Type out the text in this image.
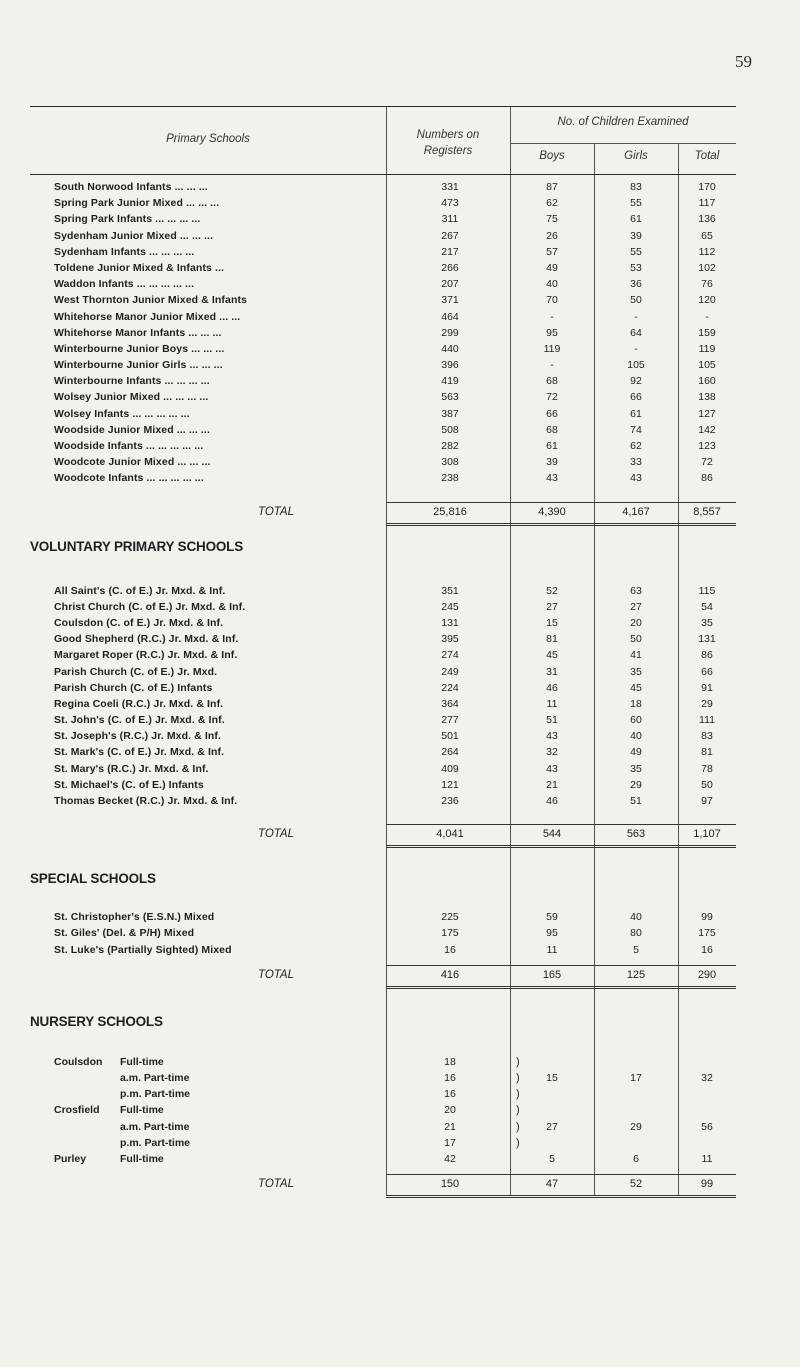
59
Primary Schools	Numbers on
Registers
No. of Children Examined
Boys	Girls	Total
South Norwood Infants ... ... ...	331	87	83	170
Spring Park Junior Mixed ... ... ...	473	62	55	117
Spring Park Infants ... ... ... ...	311	75	61	136
Sydenham Junior Mixed ... ... ...	267	26	39	65
Sydenham Infants ... ... ... ...	217	57	55	112
Toldene Junior Mixed & Infants ...	266	49	53	102
Waddon Infants ... ... ... ... ...	207	40	36	76
West Thornton Junior Mixed & Infants	371	70	50	120
Whitehorse Manor Junior Mixed ... ...	464	-	-	-
Whitehorse Manor Infants ... ... ...	299	95	64	159
Winterbourne Junior Boys ... ... ...	440	119	-	119
Winterbourne Junior Girls ... ... ...	396	-	105	105
Winterbourne Infants ... ... ... ...	419	68	92	160
Wolsey Junior Mixed ... ... ... ...	563	72	66	138
Wolsey Infants ... ... ... ... ...	387	66	61	127
Woodside Junior Mixed ... ... ...	508	68	74	142
Woodside Infants ... ... ... ... ...	282	61	62	123
Woodcote Junior Mixed ... ... ...	308	39	33	72
Woodcote Infants ... ... ... ... ...	238	43	43	86
TOTAL	25,816	4,390	4,167	8,557
VOLUNTARY PRIMARY SCHOOLS
All Saint's (C. of E.) Jr. Mxd. & Inf.	351	52	63	115
Christ Church (C. of E.) Jr. Mxd. & Inf.	245	27	27	54
Coulsdon (C. of E.) Jr. Mxd. & Inf.	131	15	20	35
Good Shepherd (R.C.) Jr. Mxd. & Inf.	395	81	50	131
Margaret Roper (R.C.) Jr. Mxd. & Inf.	274	45	41	86
Parish Church (C. of E.) Jr. Mxd.	249	31	35	66
Parish Church (C. of E.) Infants	224	46	45	91
Regina Coeli (R.C.) Jr. Mxd. & Inf.	364	11	18	29
St. John's (C. of E.) Jr. Mxd. & Inf.	277	51	60	111
St. Joseph's (R.C.) Jr. Mxd. & Inf.	501	43	40	83
St. Mark's (C. of E.) Jr. Mxd. & Inf.	264	32	49	81
St. Mary's (R.C.) Jr. Mxd. & Inf.	409	43	35	78
St. Michael's (C. of E.) Infants	121	21	29	50
Thomas Becket (R.C.) Jr. Mxd. & Inf.	236	46	51	97
TOTAL	4,041	544	563	1,107
SPECIAL SCHOOLS
St. Christopher's (E.S.N.) Mixed	225	59	40	99
St. Giles' (Del. & P/H) Mixed	175	95	80	175
St. Luke's (Partially Sighted) Mixed	16	11	5	16
TOTAL	416	165	125	290
NURSERY SCHOOLS
Coulsdon Full-time	18	)
a.m. Part-time	16	)	15	17	32
p.m. Part-time	16	)
Crosfield Full-time	20	)
a.m. Part-time	21	)	27	29	56
p.m. Part-time	17	)
Purley	Full-time	42	5	6	11
TOTAL	150	47	52	99
